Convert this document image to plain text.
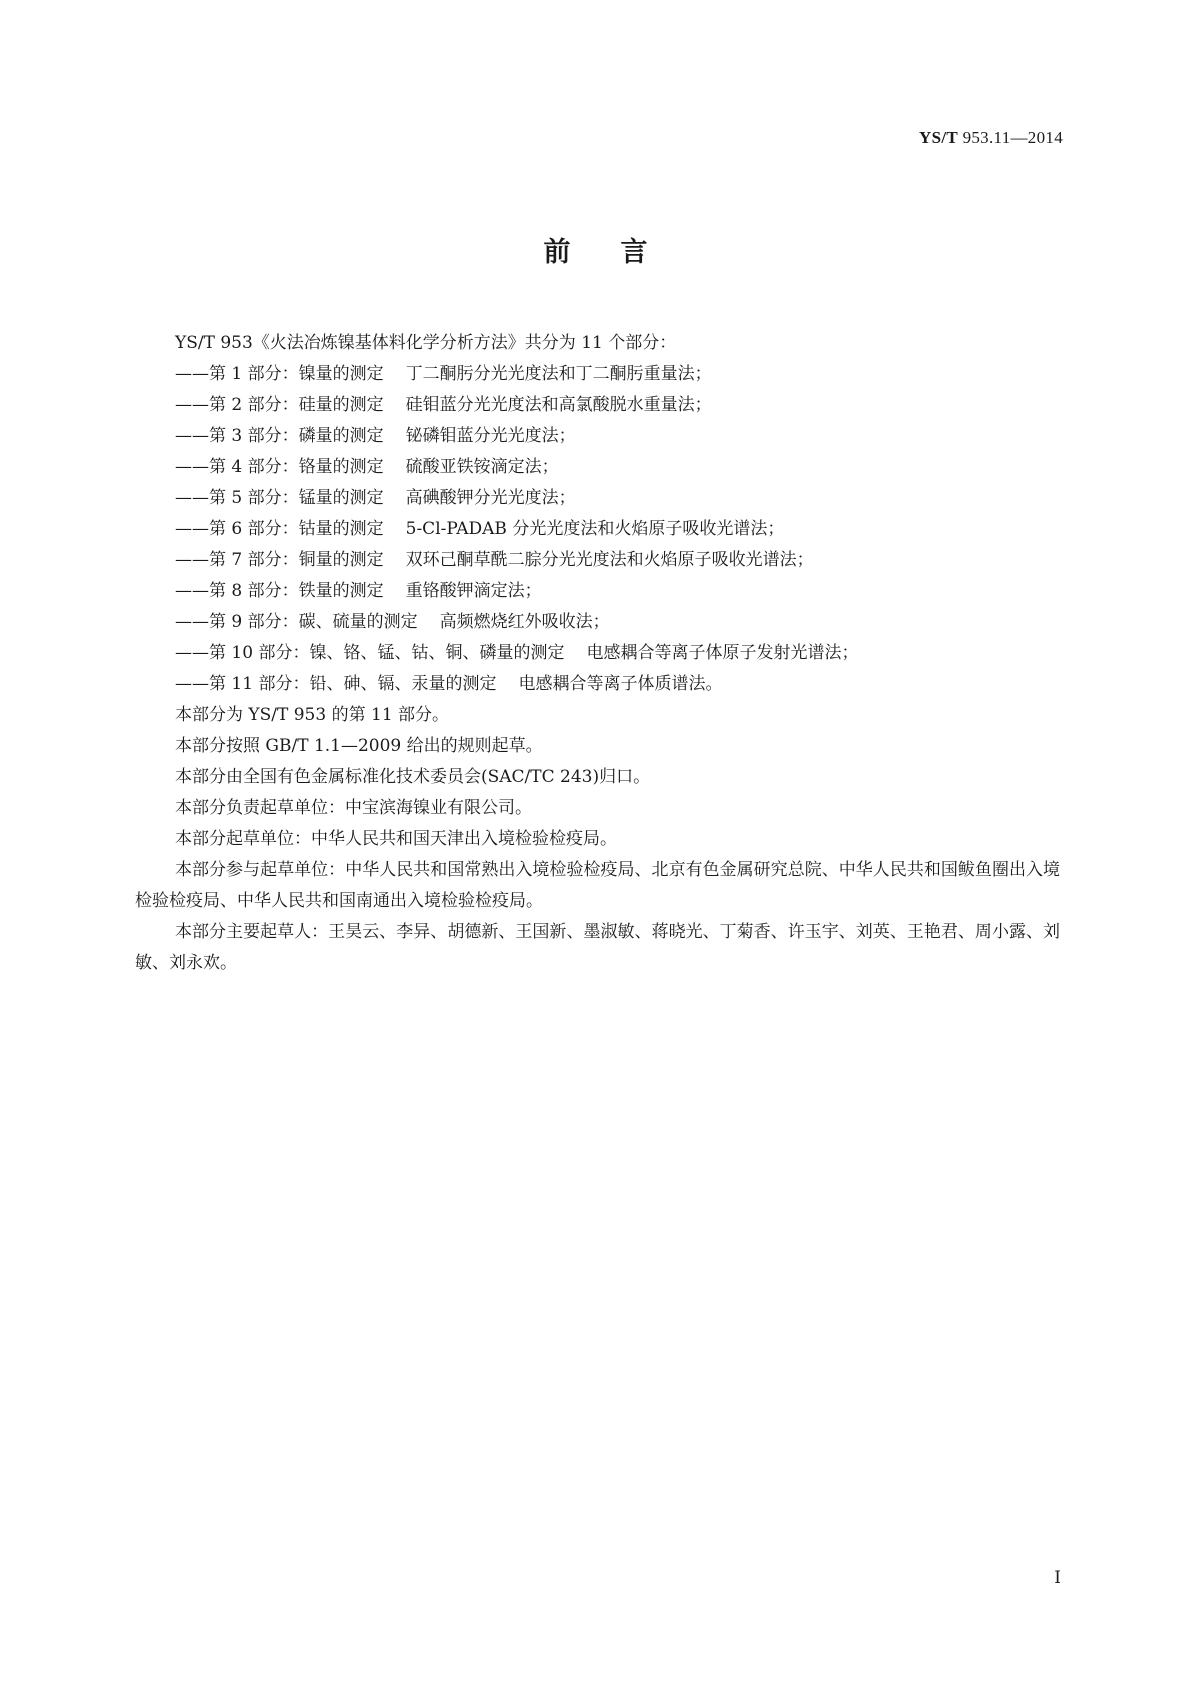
YS/T 953.11—2014
前言

YS/T 953《火法冶炼镍基体料化学分析方法》共分为 11 个部分：

——第 1 部分：镍量的测定 丁二酮肟分光光度法和丁二酮肟重量法；

——第 2 部分：硅量的测定 硅钼蓝分光光度法和高氯酸脱水重量法；

——第 3 部分：磷量的测定 铋磷钼蓝分光光度法；

——第 4 部分：铬量的测定 硫酸亚铁铵滴定法；

——第 5 部分：锰量的测定 高碘酸钾分光光度法；

——第 6 部分：钴量的测定 5-Cl-PADAB 分光光度法和火焰原子吸收光谱法；

——第 7 部分：铜量的测定 双环己酮草酰二腙分光光度法和火焰原子吸收光谱法；

——第 8 部分：铁量的测定 重铬酸钾滴定法；

——第 9 部分：碳、硫量的测定 高频燃烧红外吸收法；

——第 10 部分：镍、铬、锰、钴、铜、磷量的测定 电感耦合等离子体原子发射光谱法；

——第 11 部分：铅、砷、镉、汞量的测定 电感耦合等离子体质谱法。

本部分为 YS/T 953 的第 11 部分。

本部分按照 GB/T 1.1—2009 给出的规则起草。

本部分由全国有色金属标准化技术委员会(SAC/TC 243)归口。

本部分负责起草单位：中宝滨海镍业有限公司。

本部分起草单位：中华人民共和国天津出入境检验检疫局。

本部分参与起草单位：中华人民共和国常熟出入境检验检疫局、北京有色金属研究总院、中华人民共和国鲅鱼圈出入境检验检疫局、中华人民共和国南通出入境检验检疫局。

本部分主要起草人：王昊云、李异、胡德新、王国新、墨淑敏、蒋晓光、丁菊香、许玉宇、刘英、王艳君、周小露、刘敏、刘永欢。

I
